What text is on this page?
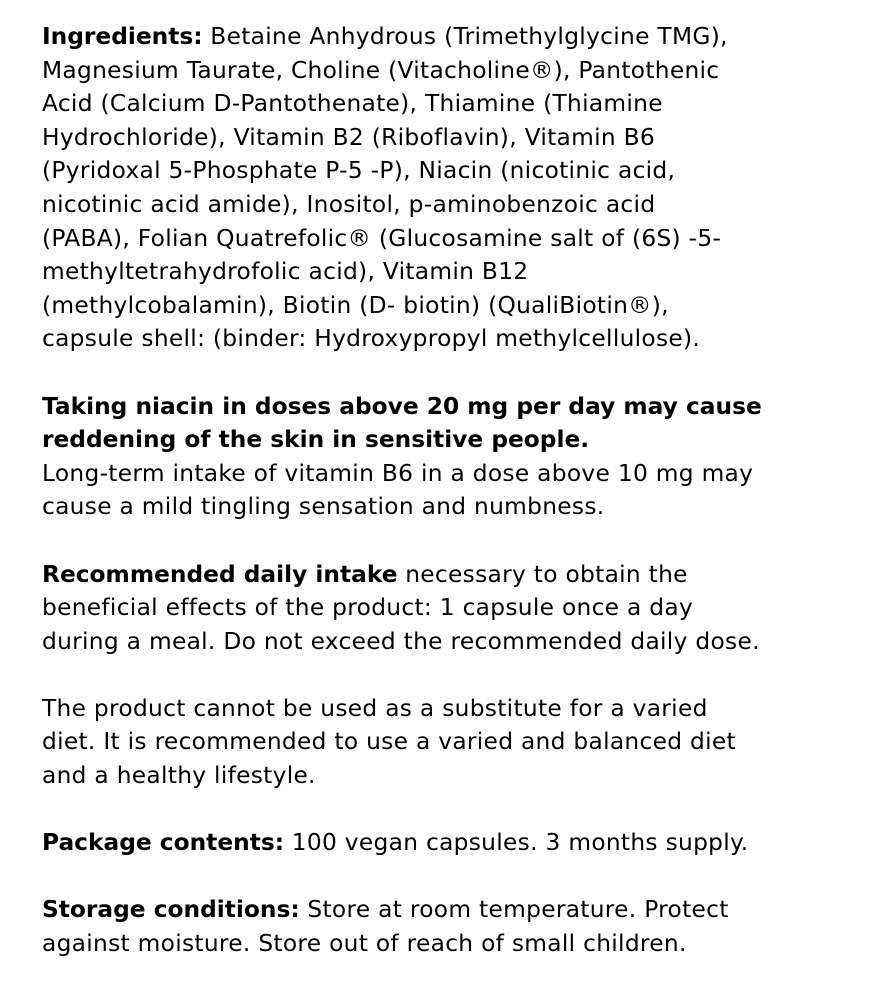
Ingredients: Betaine Anhydrous (Trimethylglycine TMG),
Magnesium Taurate, Choline (Vitacholine®), Pantothenic
Acid (Calcium D-Pantothenate), Thiamine (Thiamine
Hydrochloride), Vitamin B2 (Riboflavin), Vitamin B6
(Pyridoxal 5-Phosphate P-5 -P), Niacin (nicotinic acid,
nicotinic acid amide), Inositol, p-aminobenzoic acid
(PABA), Folian Quatrefolic® (Glucosamine salt of (6S) -5-
methyltetrahydrofolic acid), Vitamin B12
(methylcobalamin), Biotin (D- biotin) (QualiBiotin®),
capsule shell: (binder: Hydroxypropyl methylcellulose).
Taking niacin in doses above 20 mg per day may cause
reddening of the skin in sensitive people.
Long-term intake of vitamin B6 in a dose above 10 mg may
cause a mild tingling sensation and numbness.
Recommended daily intake necessary to obtain the
beneficial effects of the product: 1 capsule once a day
during a meal. Do not exceed the recommended daily dose.
The product cannot be used as a substitute for a varied
diet. It is recommended to use a varied and balanced diet
and a healthy lifestyle.
Package contents: 100 vegan capsules. 3 months supply.
Storage conditions: Store at room temperature. Protect
against moisture. Store out of reach of small children.
